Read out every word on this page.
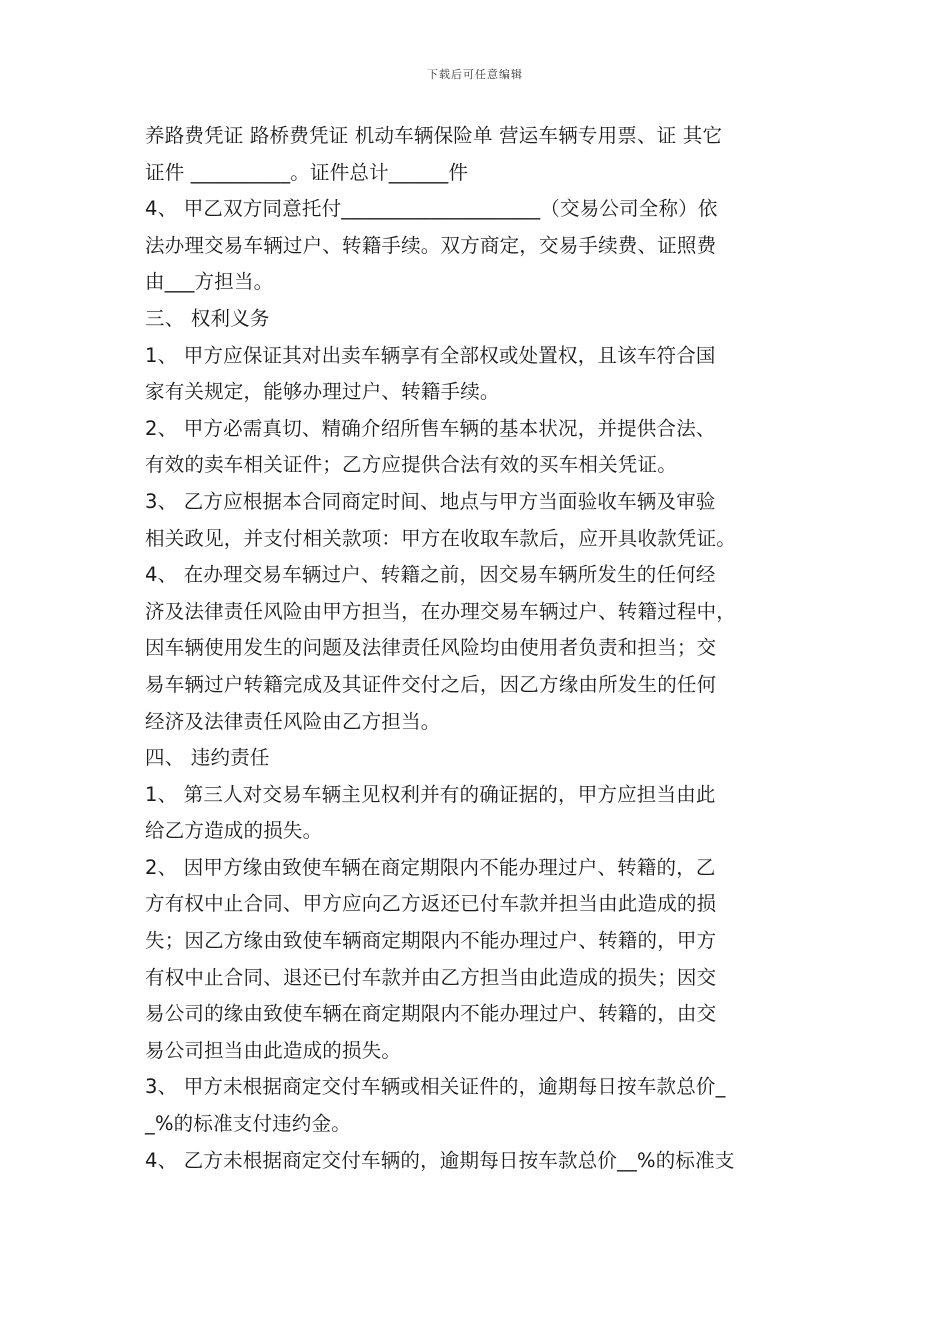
下载后可任意编辑
养路费凭证 路桥费凭证 机动车辆保险单 营运车辆专用票、证 其它
证件 __________。证件总计______件
4、 甲乙双方同意托付____________________（交易公司全称）依
法办理交易车辆过户、转籍手续。双方商定，交易手续费、证照费
由___方担当。
三、 权利义务
1、 甲方应保证其对出卖车辆享有全部权或处置权，且该车符合国
家有关规定，能够办理过户、转籍手续。
2、 甲方必需真切、精确介绍所售车辆的基本状况，并提供合法、
有效的卖车相关证件；乙方应提供合法有效的买车相关凭证。
3、 乙方应根据本合同商定时间、地点与甲方当面验收车辆及审验
相关政见，并支付相关款项：甲方在收取车款后，应开具收款凭证。
4、 在办理交易车辆过户、转籍之前，因交易车辆所发生的任何经
济及法律责任风险由甲方担当，在办理交易车辆过户、转籍过程中，
因车辆使用发生的问题及法律责任风险均由使用者负责和担当；交
易车辆过户转籍完成及其证件交付之后，因乙方缘由所发生的任何
经济及法律责任风险由乙方担当。
四、 违约责任
1、 第三人对交易车辆主见权利并有的确证据的，甲方应担当由此
给乙方造成的损失。
2、 因甲方缘由致使车辆在商定期限内不能办理过户、转籍的，乙
方有权中止合同、甲方应向乙方返还已付车款并担当由此造成的损
失；因乙方缘由致使车辆商定期限内不能办理过户、转籍的，甲方
有权中止合同、退还已付车款并由乙方担当由此造成的损失；因交
易公司的缘由致使车辆在商定期限内不能办理过户、转籍的，由交
易公司担当由此造成的损失。
3、 甲方未根据商定交付车辆或相关证件的，逾期每日按车款总价_
_%的标准支付违约金。
4、 乙方未根据商定交付车辆的，逾期每日按车款总价__%的标准支
